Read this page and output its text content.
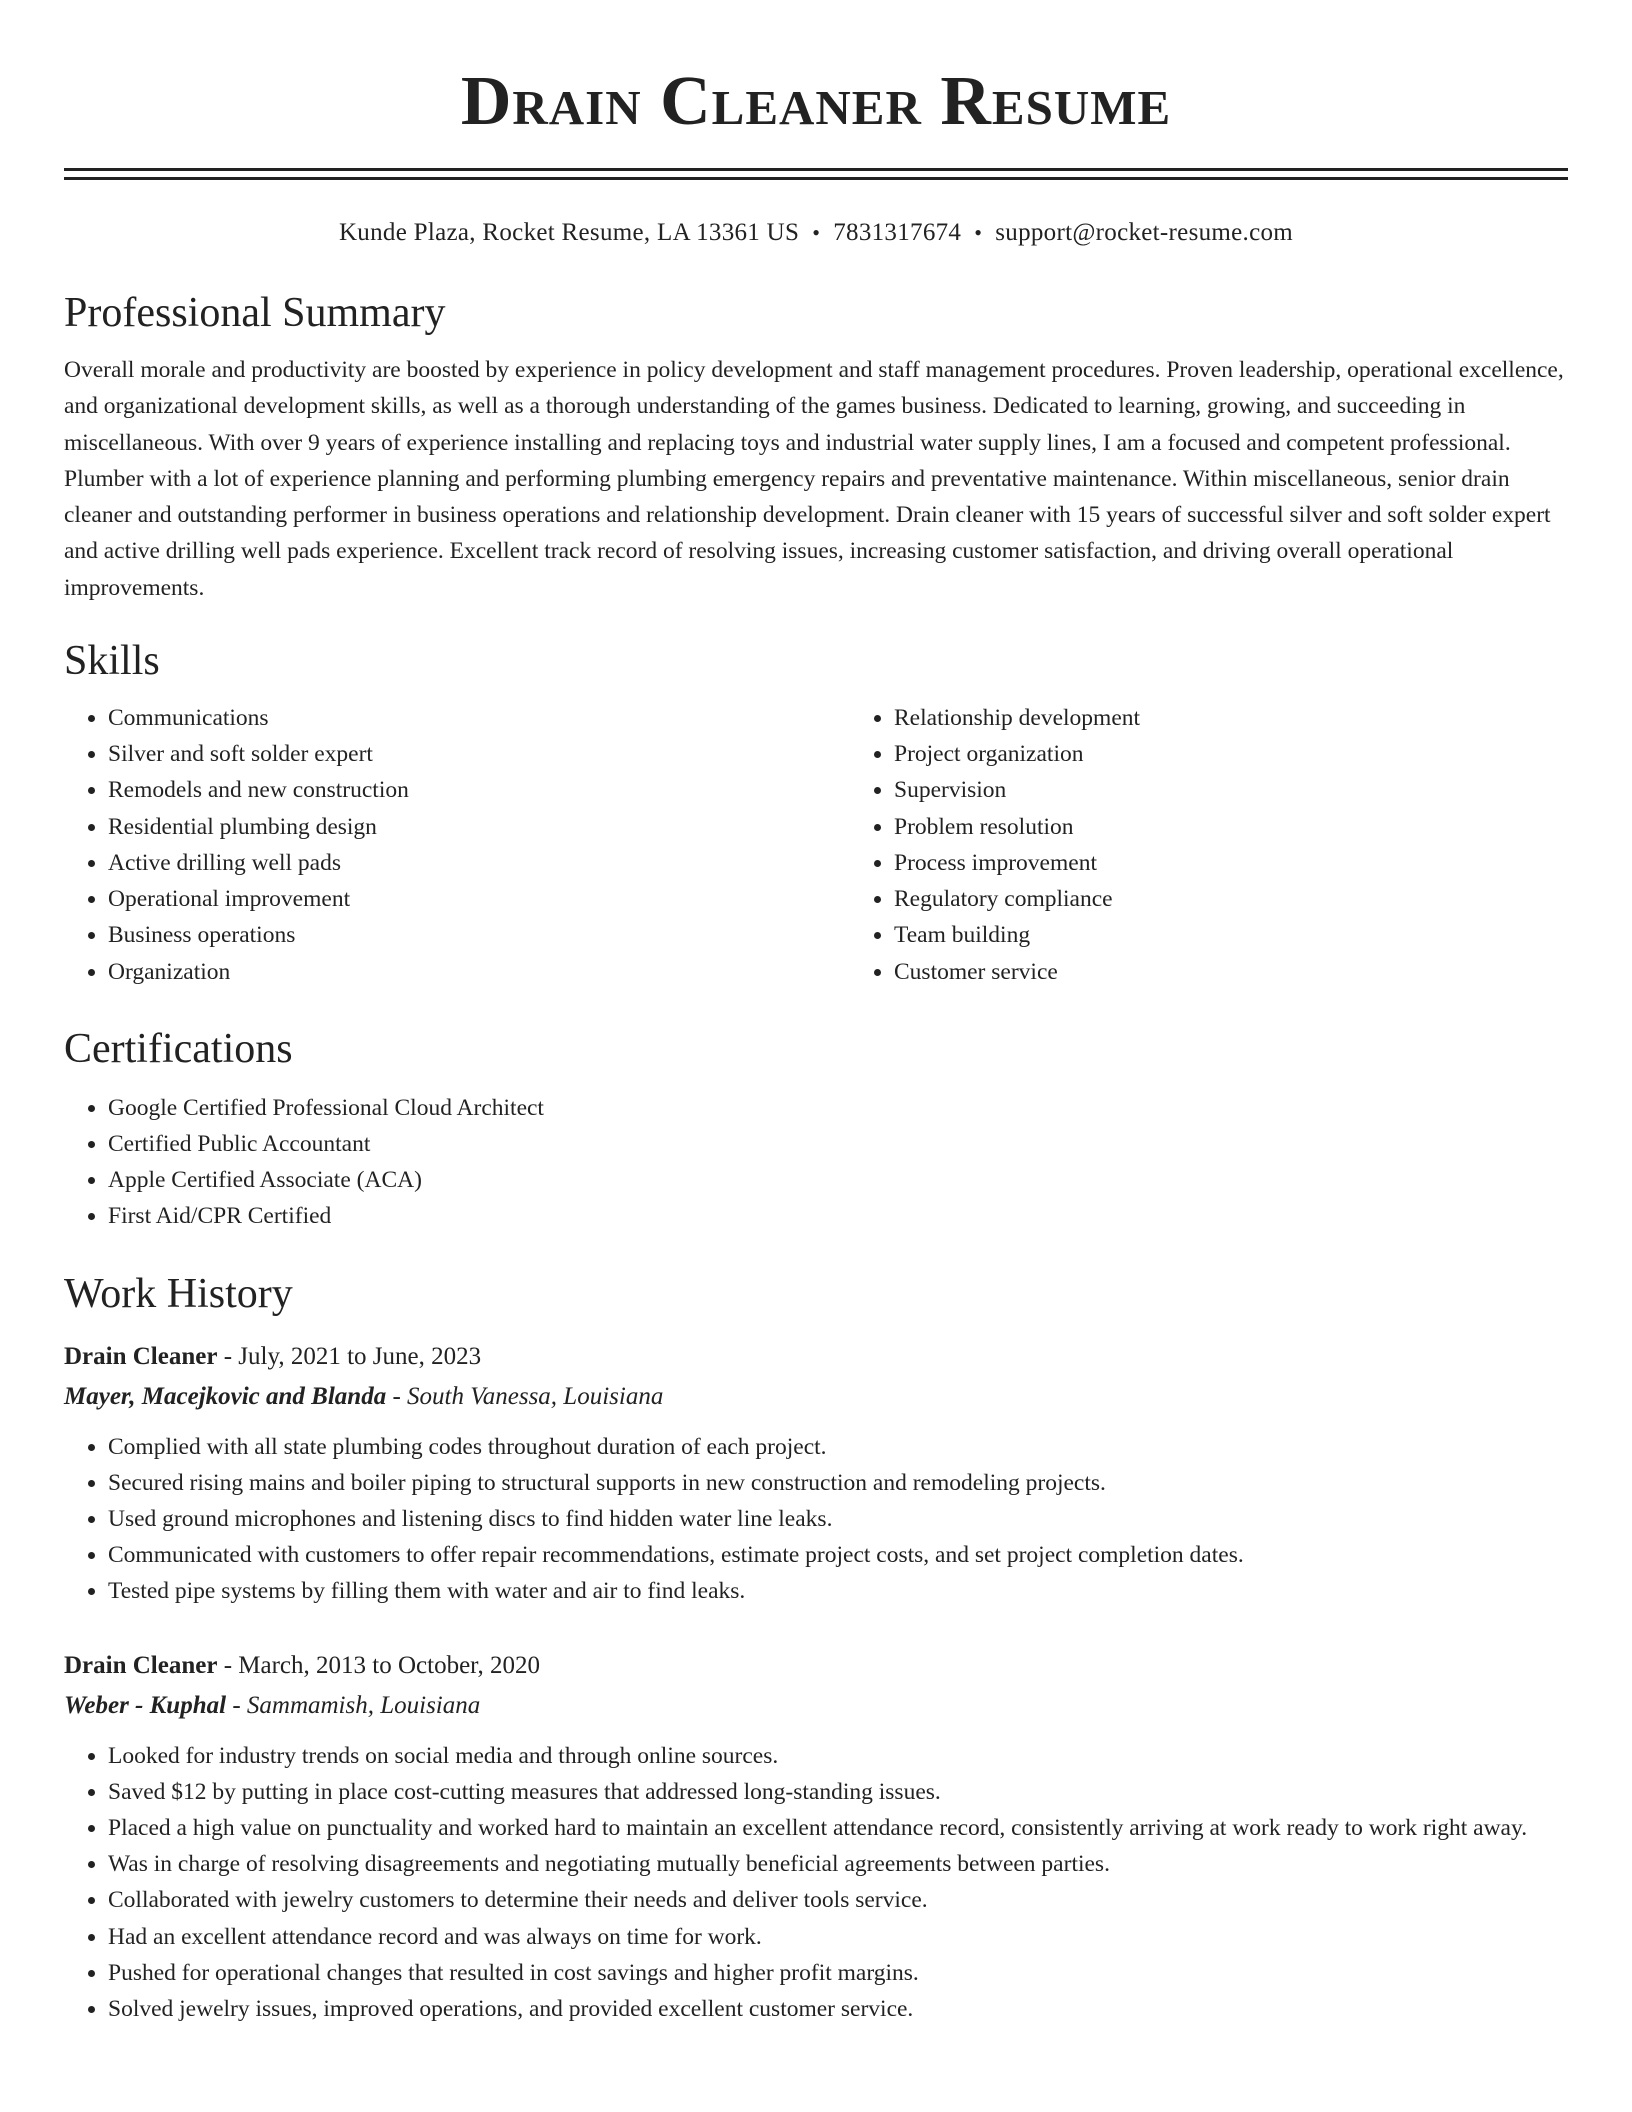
Drain Cleaner Resume
Kunde Plaza, Rocket Resume, LA 13361 US • 7831317674 • support@rocket-resume.com
Professional Summary

Overall morale and productivity are boosted by experience in policy development and staff management procedures. Proven leadership, operational excellence, and organizational development skills, as well as a thorough understanding of the games business. Dedicated to learning, growing, and succeeding in miscellaneous. With over 9 years of experience installing and replacing toys and industrial water supply lines, I am a focused and competent professional. Plumber with a lot of experience planning and performing plumbing emergency repairs and preventative maintenance. Within miscellaneous, senior drain cleaner and outstanding performer in business operations and relationship development. Drain cleaner with 15 years of successful silver and soft solder expert and active drilling well pads experience. Excellent track record of resolving issues, increasing customer satisfaction, and driving overall operational improvements.

Skills
• Communications
• Silver and soft solder expert
• Remodels and new construction
• Residential plumbing design
• Active drilling well pads
• Operational improvement
• Business operations
• Organization
• Relationship development
• Project organization
• Supervision
• Problem resolution
• Process improvement
• Regulatory compliance
• Team building
• Customer service
Certifications
• Google Certified Professional Cloud Architect
• Certified Public Accountant
• Apple Certified Associate (ACA)
• First Aid/CPR Certified
Work History
Drain Cleaner - July, 2021 to June, 2023
Mayer, Macejkovic and Blanda - South Vanessa, Louisiana
• Complied with all state plumbing codes throughout duration of each project.
• Secured rising mains and boiler piping to structural supports in new construction and remodeling projects.
• Used ground microphones and listening discs to find hidden water line leaks.
• Communicated with customers to offer repair recommendations, estimate project costs, and set project completion dates.
• Tested pipe systems by filling them with water and air to find leaks.
Drain Cleaner - March, 2013 to October, 2020
Weber - Kuphal - Sammamish, Louisiana
• Looked for industry trends on social media and through online sources.
• Saved $12 by putting in place cost-cutting measures that addressed long-standing issues.
• Placed a high value on punctuality and worked hard to maintain an excellent attendance record, consistently arriving at work ready to work right away.
• Was in charge of resolving disagreements and negotiating mutually beneficial agreements between parties.
• Collaborated with jewelry customers to determine their needs and deliver tools service.
• Had an excellent attendance record and was always on time for work.
• Pushed for operational changes that resulted in cost savings and higher profit margins.
• Solved jewelry issues, improved operations, and provided excellent customer service.
